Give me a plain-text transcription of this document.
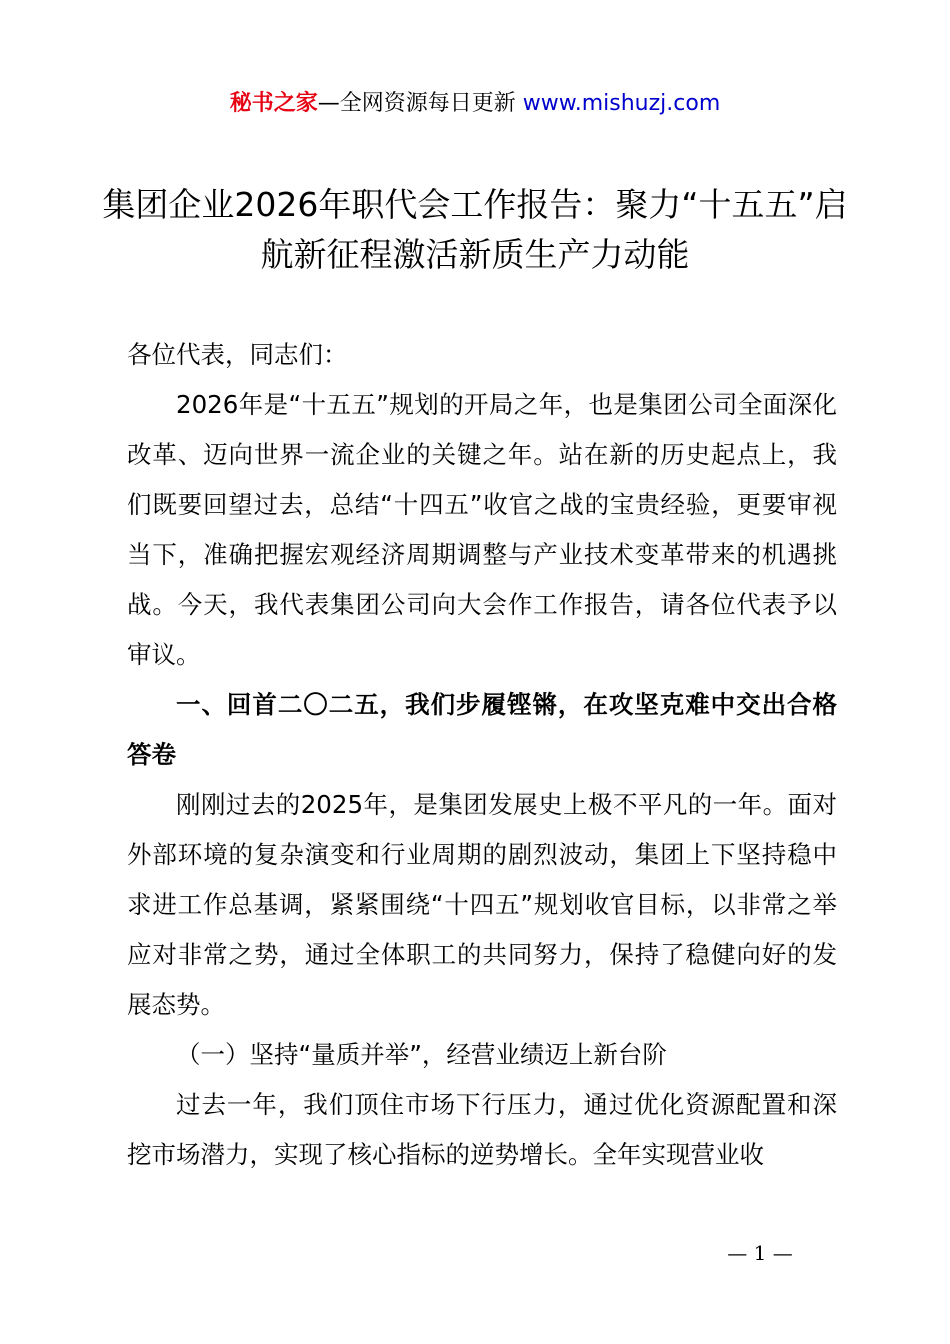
秘书之家—全网资源每日更新 www.mishuzj.com
集团企业2026年职代会工作报告：聚力“十五五”启航新征程激活新质生产力动能

各位代表，同志们：

2026年是“十五五”规划的开局之年，也是集团公司全面深化改革、迈向世界一流企业的关键之年。站在新的历史起点上，我们既要回望过去，总结“十四五”收官之战的宝贵经验，更要审视当下，准确把握宏观经济周期调整与产业技术变革带来的机遇挑战。今天，我代表集团公司向大会作工作报告，请各位代表予以审议。

一、回首二〇二五，我们步履铿锵，在攻坚克难中交出合格答卷

刚刚过去的2025年，是集团发展史上极不平凡的一年。面对外部环境的复杂演变和行业周期的剧烈波动，集团上下坚持稳中求进工作总基调，紧紧围绕“十四五”规划收官目标，以非常之举应对非常之势，通过全体职工的共同努力，保持了稳健向好的发展态势。

（一）坚持“量质并举”，经营业绩迈上新台阶

过去一年，我们顶住市场下行压力，通过优化资源配置和深挖市场潜力，实现了核心指标的逆势增长。全年实现营业收

— 1 —
